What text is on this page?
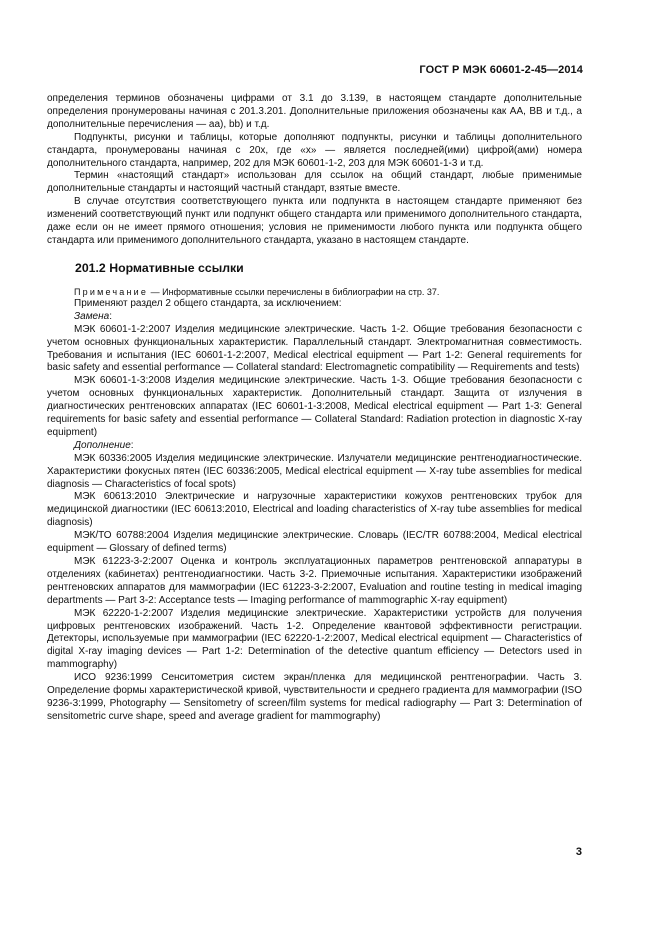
ГОСТ Р МЭК 60601-2-45—2014

определения терминов обозначены цифрами от 3.1 до 3.139, в настоящем стандарте дополнительные определения пронумерованы начиная с 201.3.201. Дополнительные приложения обозначены как АА, ВВ и т.д., а дополнительные перечисления — аа), bb) и т.д.

Подпункты, рисунки и таблицы, которые дополняют подпункты, рисунки и таблицы дополнительного стандарта, пронумерованы начиная с 20х, где «х» — является последней(ими) цифрой(ами) номера дополнительного стандарта, например, 202 для МЭК 60601-1-2, 203 для МЭК 60601-1-3 и т.д.

Термин «настоящий стандарт» использован для ссылок на общий стандарт, любые применимые дополнительные стандарты и настоящий частный стандарт, взятые вместе.

В случае отсутствия соответствующего пункта или подпункта в настоящем стандарте применяют без изменений соответствующий пункт или подпункт общего стандарта или применимого дополнительного стандарта, даже если он не имеет прямого отношения; условия не применимости любого пункта или подпункта общего стандарта или применимого дополнительного стандарта, указано в настоящем стандарте.

201.2 Нормативные ссылки

Примечание — Информативные ссылки перечислены в библиографии на стр. 37.

Применяют раздел 2 общего стандарта, за исключением:

Замена:

МЭК 60601-1-2:2007 Изделия медицинские электрические. Часть 1-2. Общие требования безопасности с учетом основных функциональных характеристик. Параллельный стандарт. Электромагнитная совместимость. Требования и испытания (IEC 60601-1-2:2007, Medical electrical equipment — Part 1-2: General requirements for basic safety and essential performance — Collateral standard: Electromagnetic compatibility — Requirements and tests)

МЭК 60601-1-3:2008 Изделия медицинские электрические. Часть 1-3. Общие требования безопасности с учетом основных функциональных характеристик. Дополнительный стандарт. Защита от излучения в диагностических рентгеновских аппаратах (IEC 60601-1-3:2008, Medical electrical equipment — Part 1-3: General requirements for basic safety and essential performance — Collateral Standard: Radiation protection in diagnostic X-ray equipment)

Дополнение:

МЭК 60336:2005 Изделия медицинские электрические. Излучатели медицинские рентгенодиагностические. Характеристики фокусных пятен (IEC 60336:2005, Medical electrical equipment — X-ray tube assemblies for medical diagnosis — Characteristics of focal spots)

МЭК 60613:2010 Электрические и нагрузочные характеристики кожухов рентгеновских трубок для медицинской диагностики (IEC 60613:2010, Electrical and loading characteristics of X-ray tube assemblies for medical diagnosis)

МЭК/ТО 60788:2004 Изделия медицинские электрические. Словарь (IEC/TR 60788:2004, Medical electrical equipment — Glossary of defined terms)

МЭК 61223-3-2:2007 Оценка и контроль эксплуатационных параметров рентгеновской аппаратуры в отделениях (кабинетах) рентгенодиагностики. Часть 3-2. Приемочные испытания. Характеристики изображений рентгеновских аппаратов для маммографии (IEC 61223-3-2:2007, Evaluation and routine testing in medical imaging departments — Part 3-2: Acceptance tests — Imaging performance of mammographic X-ray equipment)

МЭК 62220-1-2:2007 Изделия медицинские электрические. Характеристики устройств для получения цифровых рентгеновских изображений. Часть 1-2. Определение квантовой эффективности регистрации. Детекторы, используемые при маммографии (IEC 62220-1-2:2007, Medical electrical equipment — Characteristics of digital X-ray imaging devices — Part 1-2: Determination of the detective quantum efficiency — Detectors used in mammography)

ИСО 9236:1999 Сенситометрия систем экран/пленка для медицинской рентгенографии. Часть 3. Определение формы характеристической кривой, чувствительности и среднего градиента для маммографии (ISO 9236-3:1999, Photography — Sensitometry of screen/film systems for medical radiography — Part 3: Determination of sensitometric curve shape, speed and average gradient for mammography)

3
